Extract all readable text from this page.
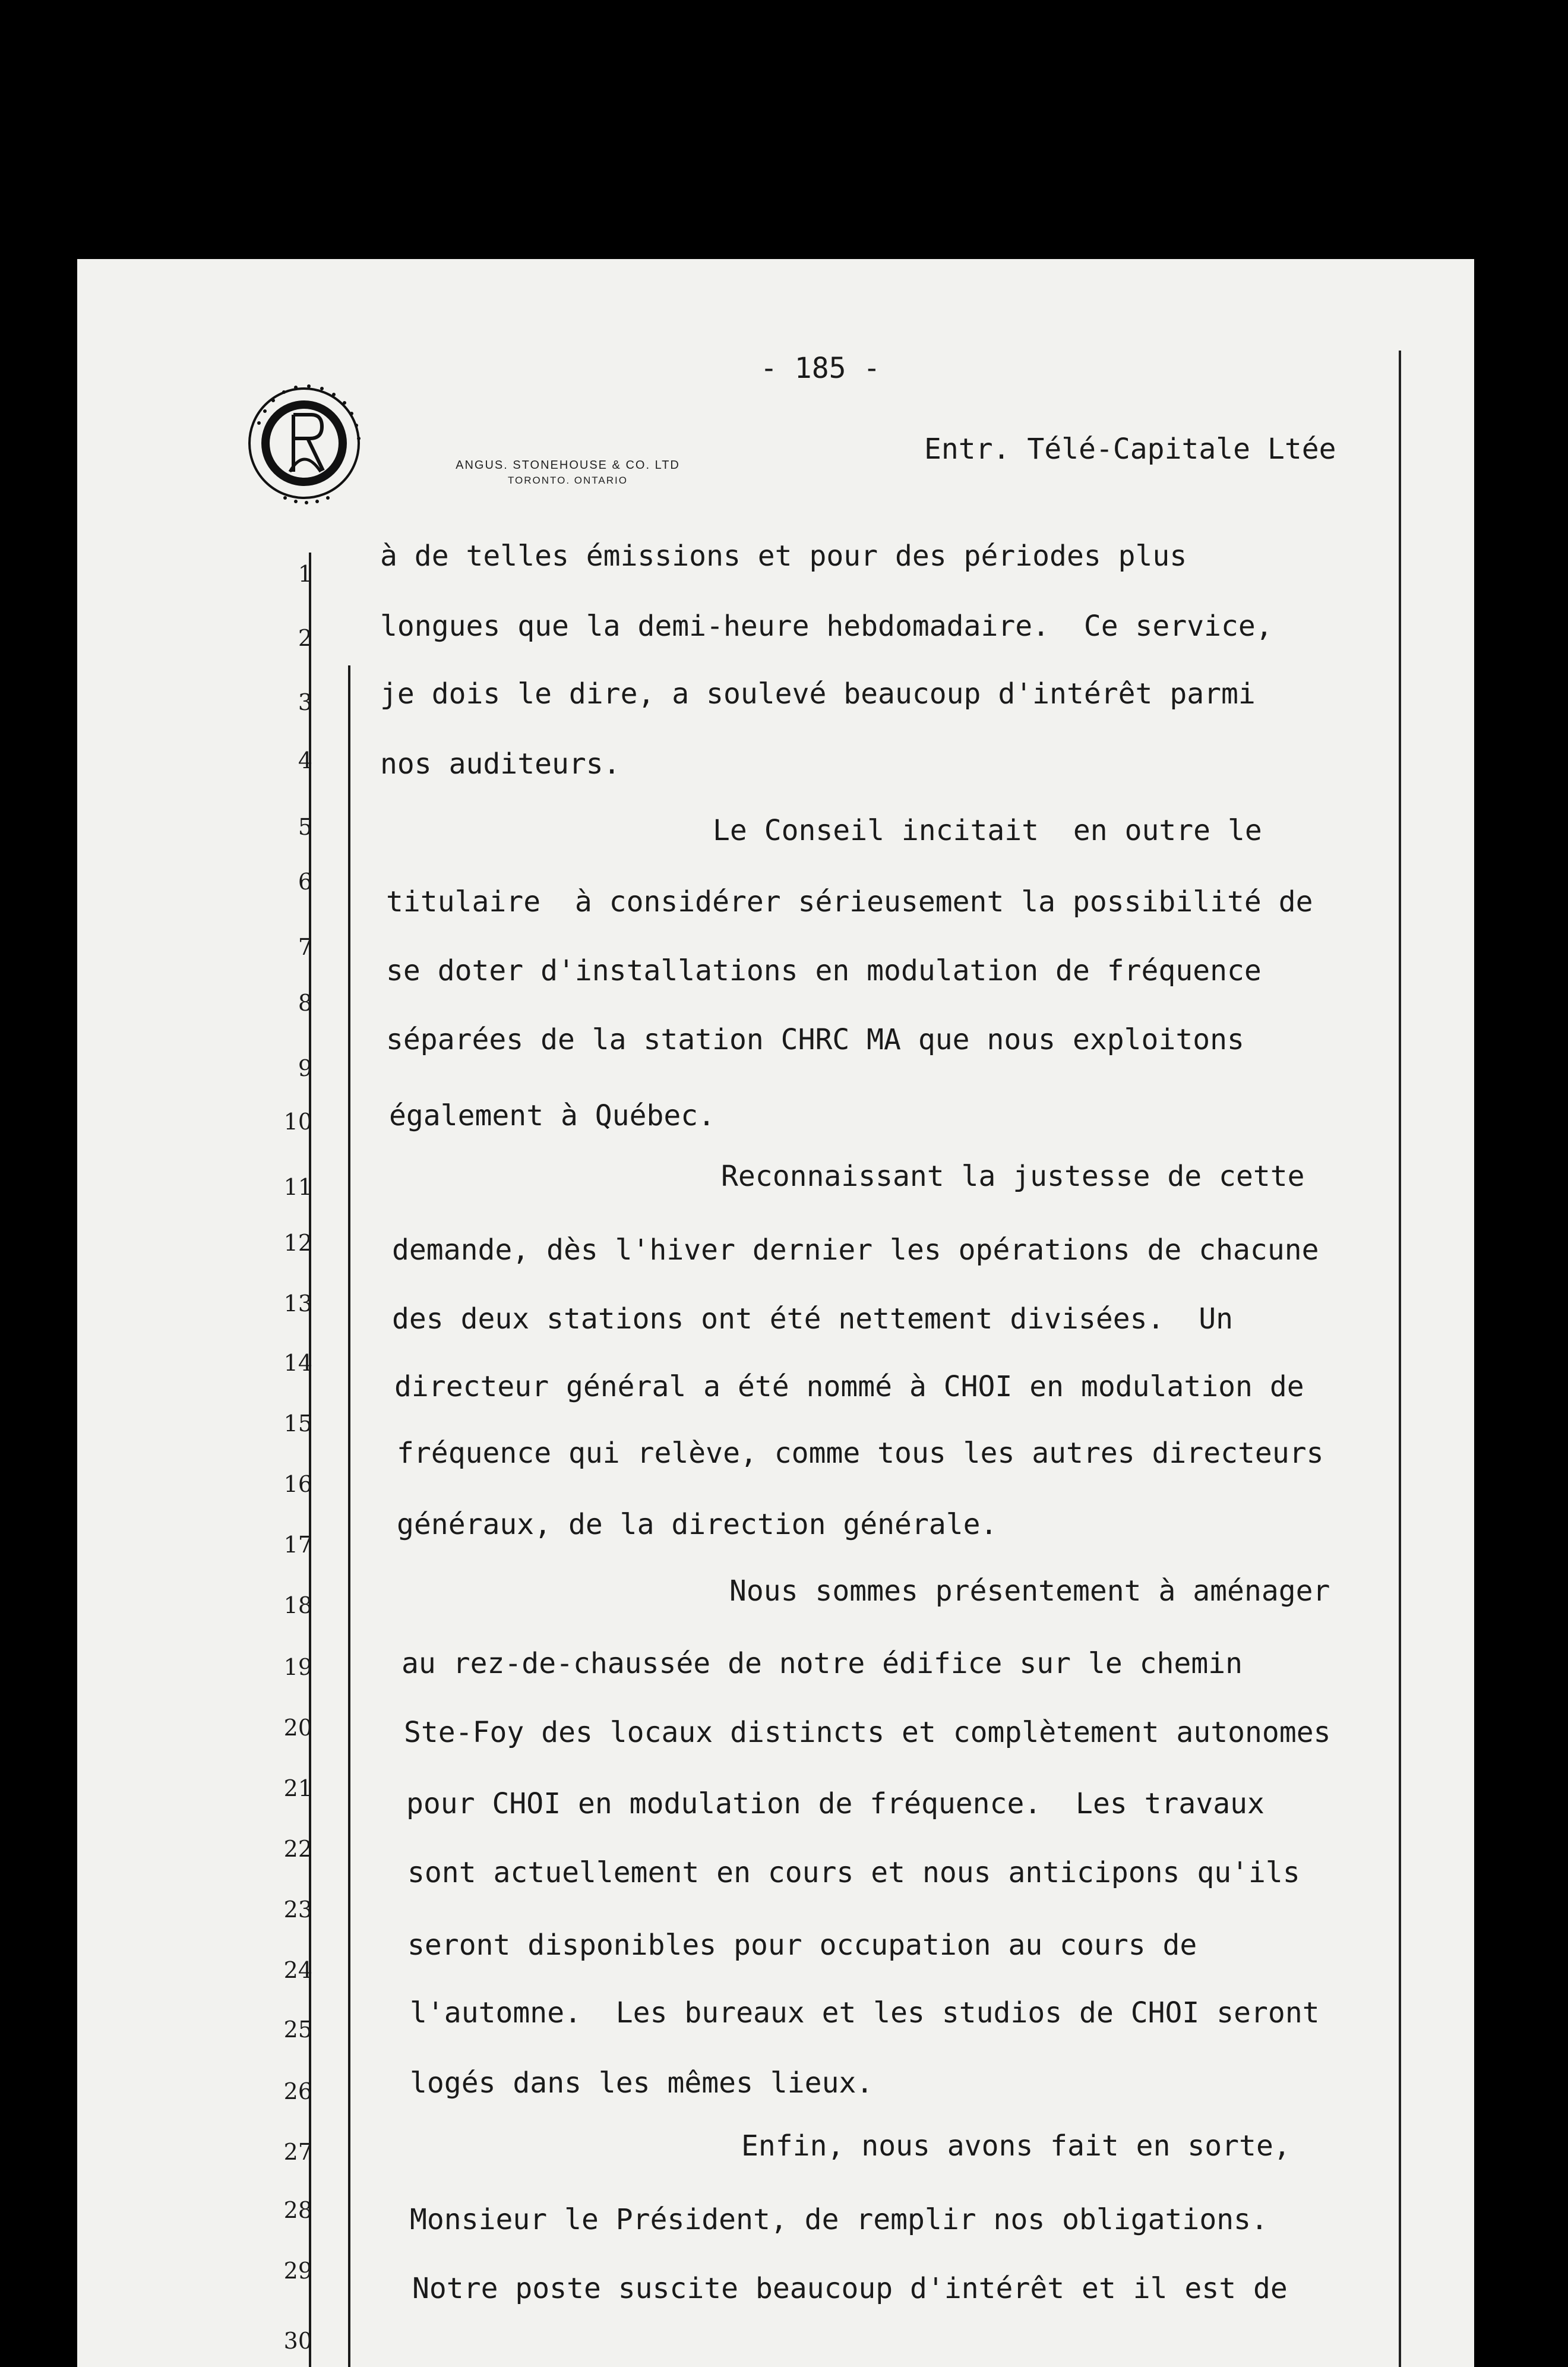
- 185 -
ANGUS. STONEHOUSE & CO. LTD
TORONTO. ONTARIO
Entr. Télé-Capitale Ltée
1
2
3
4
5
6
7
8
9
10
11
12
13
14
15
16
17
18
19
20
21
22
23
24
25
26
27
28
29
30
à de telles émissions et pour des périodes plus
longues que la demi-heure hebdomadaire.  Ce service,
je dois le dire, a soulevé beaucoup d'intérêt parmi
nos auditeurs.
Le Conseil incitait  en outre le
titulaire  à considérer sérieusement la possibilité de
se doter d'installations en modulation de fréquence
séparées de la station CHRC MA que nous exploitons
également à Québec.
Reconnaissant la justesse de cette
demande, dès l'hiver dernier les opérations de chacune
des deux stations ont été nettement divisées.  Un
directeur général a été nommé à CHOI en modulation de
fréquence qui relève, comme tous les autres directeurs
généraux, de la direction générale.
Nous sommes présentement à aménager
au rez-de-chaussée de notre édifice sur le chemin
Ste-Foy des locaux distincts et complètement autonomes
pour CHOI en modulation de fréquence.  Les travaux
sont actuellement en cours et nous anticipons qu'ils
seront disponibles pour occupation au cours de
l'automne.  Les bureaux et les studios de CHOI seront
logés dans les mêmes lieux.
Enfin, nous avons fait en sorte,
Monsieur le Président, de remplir nos obligations.
Notre poste suscite beaucoup d'intérêt et il est de
